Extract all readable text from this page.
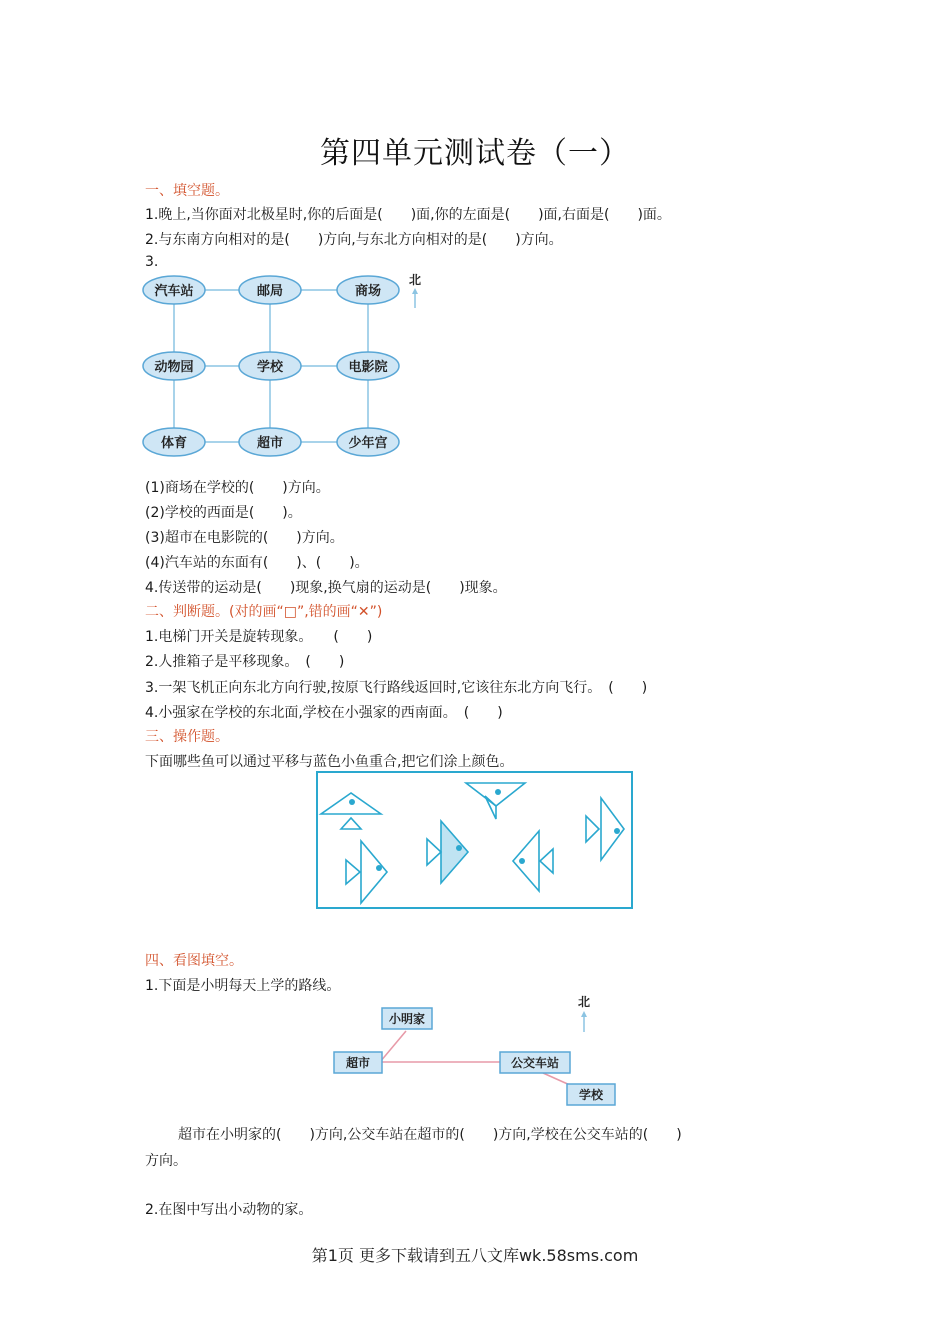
第四单元测试卷（一）
一、填空题。
1.晚上,当你面对北极星时,你的后面是(　　)面,你的左面是(　　)面,右面是(　　)面。
2.与东南方向相对的是(　　)方向,与东北方向相对的是(　　)方向。
3.
汽车站	邮局	商场
动物园	学校	电影院
体育	超市	少年宫
北
(1)商场在学校的(　　)方向。
(2)学校的西面是(　　)。
(3)超市在电影院的(　　)方向。
(4)汽车站的东面有(　　)、(　　)。
4.传送带的运动是(　　)现象,换气扇的运动是(　　)现象。
二、判断题。(对的画“□”,错的画“✕”)
1.电梯门开关是旋转现象。　　(　　)
2.人推箱子是平移现象。　(　　)
3.一架飞机正向东北方向行驶,按原飞行路线返回时,它该往东北方向飞行。　(　　)
4.小强家在学校的东北面,学校在小强家的西南面。　(　　)
三、操作题。
下面哪些鱼可以通过平移与蓝色小鱼重合,把它们涂上颜色。
四、看图填空。
1.下面是小明每天上学的路线。
小明家
超市	公交车站
学校
北
超市在小明家的(　　)方向,公交车站在超市的(　　)方向,学校在公交车站的(　　)
方向。
2.在图中写出小动物的家。
第1页 更多下载请到五八文库wk.58sms.com
